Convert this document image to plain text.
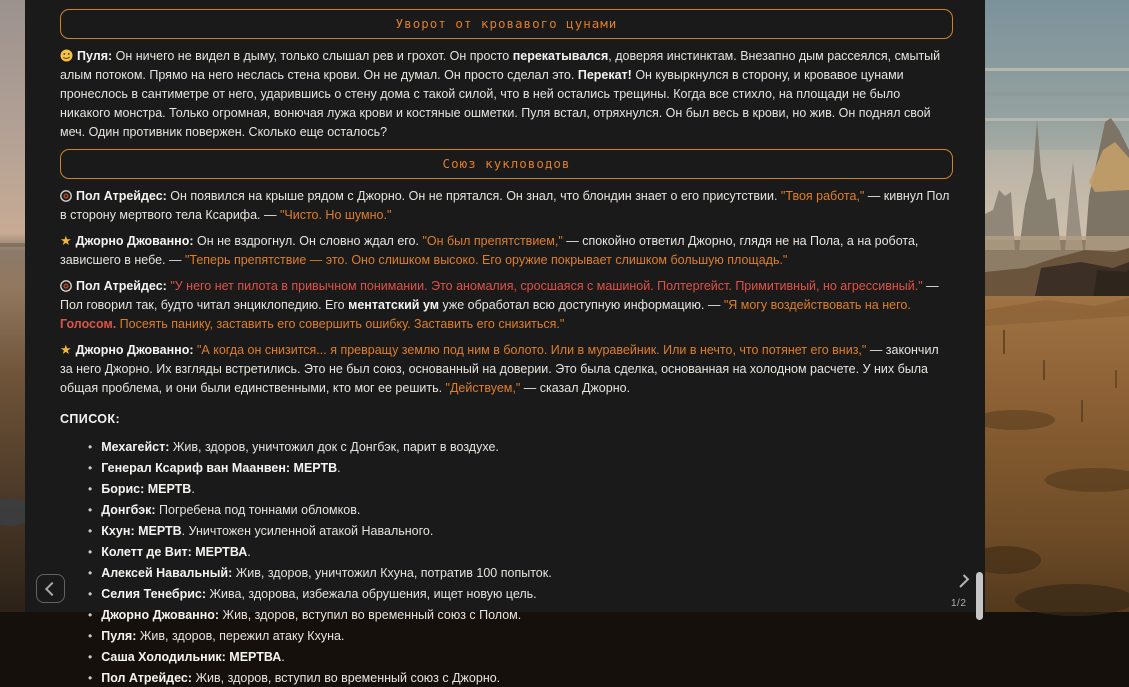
Уворот от кровавого цунами
Пуля: Он ничего не видел в дыму, только слышал рев и грохот. Он просто перекатывался, доверяя инстинктам. Внезапно дым рассеялся, смытый алым потоком. Прямо на него неслась стена крови. Он не думал. Он просто сделал это. Перекат! Он кувыркнулся в сторону, и кровавое цунами пронеслось в сантиметре от него, ударившись о стену дома с такой силой, что в ней остались трещины. Когда все стихло, на площади не было никакого монстра. Только огромная, вонючая лужа крови и костяные ошметки. Пуля встал, отряхнулся. Он был весь в крови, но жив. Он поднял свой меч. Один противник повержен. Сколько еще осталось?
Союз кукловодов
Пол Атрейдес: Он появился на крыше рядом с Джорно. Он не прятался. Он знал, что блондин знает о его присутствии. "Твоя работа," — кивнул Пол в сторону мертвого тела Ксарифа. — "Чисто. Но шумно."
★ Джорно Джованно: Он не вздрогнул. Он словно ждал его. "Он был препятствием," — спокойно ответил Джорно, глядя не на Пола, а на робота, зависшего в небе. — "Теперь препятствие — это. Оно слишком высоко. Его оружие покрывает слишком большую площадь."
Пол Атрейдес: "У него нет пилота в привычном понимании. Это аномалия, сросшаяся с машиной. Полтергейст. Примитивный, но агрессивный." — Пол говорил так, будто читал энциклопедию. Его ментатский ум уже обработал всю доступную информацию. — "Я могу воздействовать на него. Голосом. Посеять панику, заставить его совершить ошибку. Заставить его снизиться."
★ Джорно Джованно: "А когда он снизится... я превращу землю под ним в болото. Или в муравейник. Или в нечто, что потянет его вниз," — закончил за него Джорно. Их взгляды встретились. Это не был союз, основанный на доверии. Это была сделка, основанная на холодном расчете. У них была общая проблема, и они были единственными, кто мог ее решить. "Действуем," — сказал Джорно.
СПИСОК:
• Мехагейст: Жив, здоров, уничтожил док с Донгбэк, парит в воздухе.
• Генерал Ксариф ван Маанвен: МЕРТВ.
• Борис: МЕРТВ.
• Донгбэк: Погребена под тоннами обломков.
• Кхун: МЕРТВ. Уничтожен усиленной атакой Навального.
• Колетт де Вит: МЕРТВА.
• Алексей Навальный: Жив, здоров, уничтожил Кхуна, потратив 100 попыток.
• Селия Тенебрис: Жива, здорова, избежала обрушения, ищет новую цель.
• Джорно Джованно: Жив, здоров, вступил во временный союз с Полом.
• Пуля: Жив, здоров, пережил атаку Кхуна.
• Саша Холодильник: МЕРТВА.
• Пол Атрейдес: Жив, здоров, вступил во временный союз с Джорно.
1/2
